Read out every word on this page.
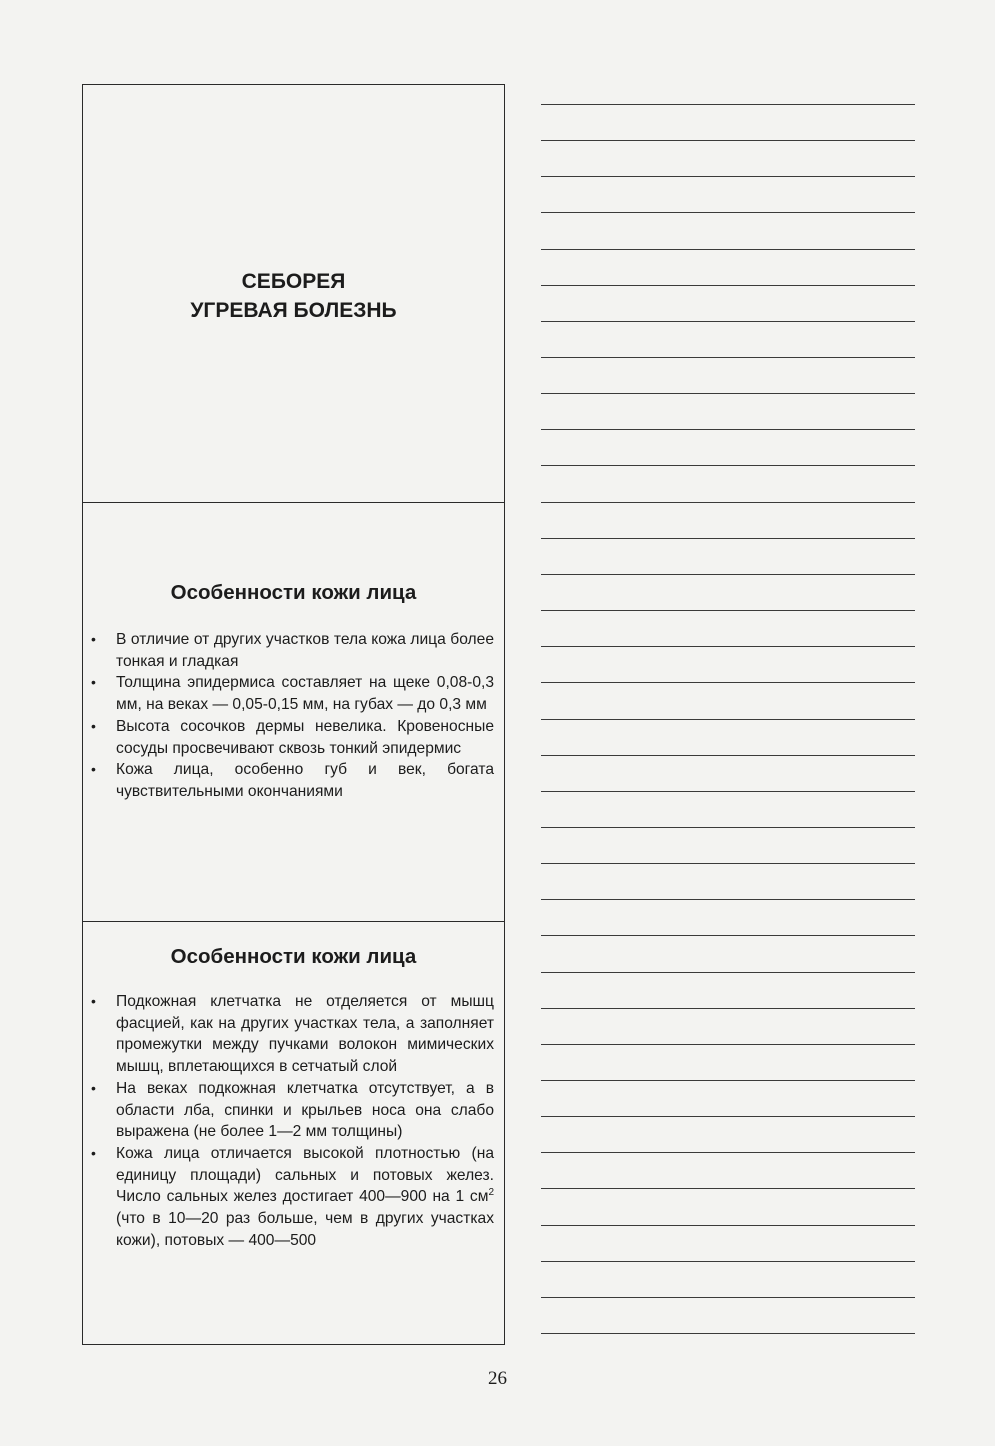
СЕБОРЕЯ
УГРЕВАЯ БОЛЕЗНЬ
Особенности кожи лица
• В отличие от других участков тела кожа лица более тонкая и гладкая
• Толщина эпидермиса составляет на щеке 0,08-0,3 мм, на веках — 0,05-0,15 мм, на губах — до 0,3 мм
• Высота сосочков дермы невелика. Кровеносные сосуды просвечивают сквозь тонкий эпидермис
• Кожа лица, особенно губ и век, богата чувствительными окончаниями
Особенности кожи лица
• Подкожная клетчатка не отделяется от мышц фасцией, как на других участках тела, а заполняет промежутки между пучками волокон мимических мышц, вплетающихся в сетчатый слой
• На веках подкожная клетчатка отсутствует, а в области лба, спинки и крыльев носа она слабо выражена (не более 1—2 мм толщины)
• Кожа лица отличается высокой плотностью (на единицу площади) сальных и потовых желез. Число сальных желез достигает 400—900 на 1 $см^2$ (что в 10—20 раз больше, чем в других участках кожи), потовых — 400—500
26
